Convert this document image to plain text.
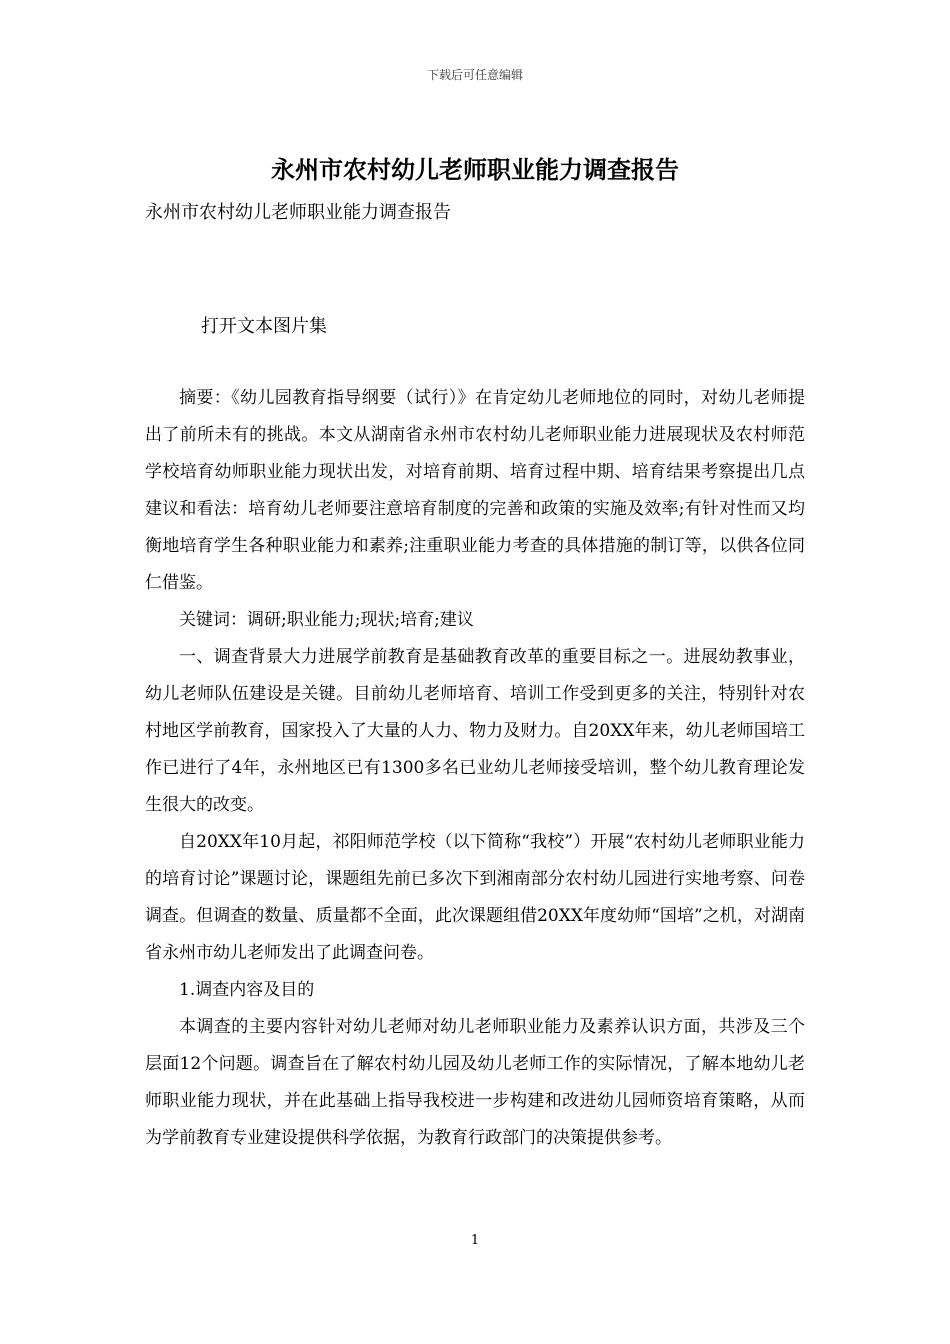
下载后可任意编辑
永州市农村幼儿老师职业能力调查报告
永州市农村幼儿老师职业能力调查报告
打开文本图片集

摘要：《幼儿园教育指导纲要（试行）》在肯定幼儿老师地位的同时，对幼儿老师提出了前所未有的挑战。本文从湖南省永州市农村幼儿老师职业能力进展现状及农村师范学校培育幼师职业能力现状出发，对培育前期、培育过程中期、培育结果考察提出几点建议和看法：培育幼儿老师要注意培育制度的完善和政策的实施及效率;有针对性而又均衡地培育学生各种职业能力和素养;注重职业能力考查的具体措施的制订等，以供各位同仁借鉴。

关键词：调研;职业能力;现状;培育;建议

一、调查背景大力进展学前教育是基础教育改革的重要目标之一。进展幼教事业，幼儿老师队伍建设是关键。目前幼儿老师培育、培训工作受到更多的关注，特别针对农村地区学前教育，国家投入了大量的人力、物力及财力。自20XX年来，幼儿老师国培工作已进行了4年，永州地区已有1300多名已业幼儿老师接受培训，整个幼儿教育理论发生很大的改变。

自20XX年10月起，祁阳师范学校（以下简称“我校”）开展“农村幼儿老师职业能力的培育讨论”课题讨论，课题组先前已多次下到湘南部分农村幼儿园进行实地考察、问卷调查。但调查的数量、质量都不全面，此次课题组借20XX年度幼师“国培”之机，对湖南省永州市幼儿老师发出了此调查问卷。

1.调查内容及目的

本调查的主要内容针对幼儿老师对幼儿老师职业能力及素养认识方面，共涉及三个层面12个问题。调查旨在了解农村幼儿园及幼儿老师工作的实际情况，了解本地幼儿老师职业能力现状，并在此基础上指导我校进一步构建和改进幼儿园师资培育策略，从而为学前教育专业建设提供科学依据，为教育行政部门的决策提供参考。

1
